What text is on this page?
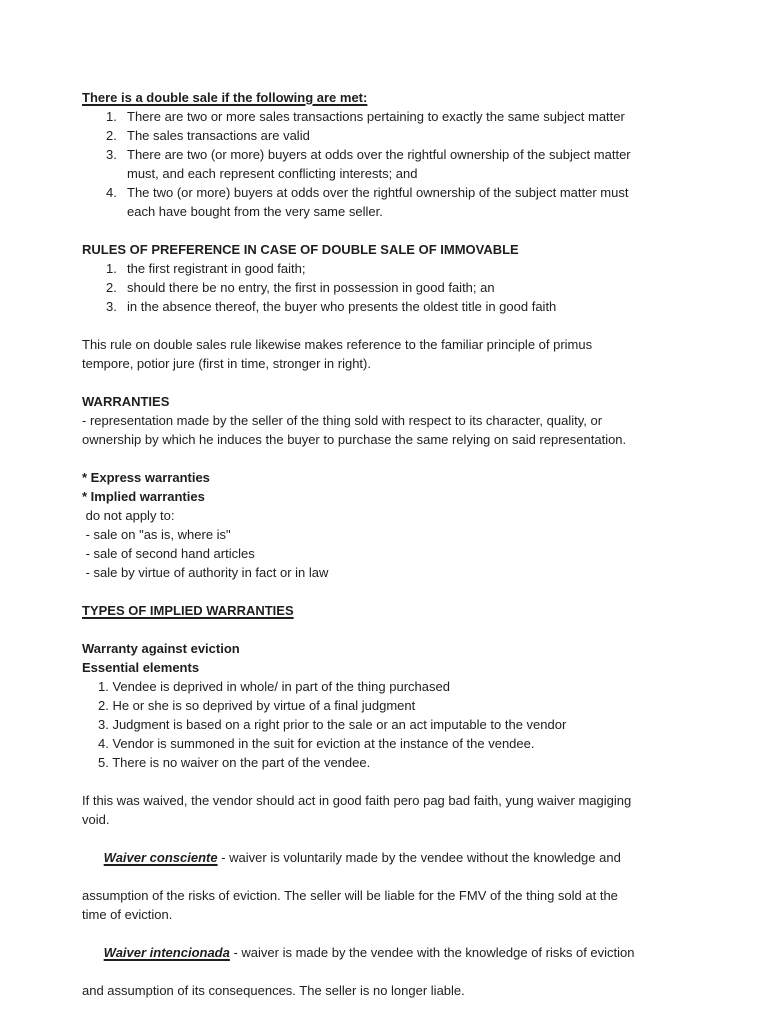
There is a double sale if the following are met:
1. There are two or more sales transactions pertaining to exactly the same subject matter
2. The sales transactions are valid
3. There are two (or more) buyers at odds over the rightful ownership of the subject matter
must, and each represent conflicting interests; and
4. The two (or more) buyers at odds over the rightful ownership of the subject matter must
each have bought from the very same seller.
RULES OF PREFERENCE IN CASE OF DOUBLE SALE OF IMMOVABLE
1. the first registrant in good faith;
2. should there be no entry, the first in possession in good faith; an
3. in the absence thereof, the buyer who presents the oldest title in good faith
This rule on double sales rule likewise makes reference to the familiar principle of primus
tempore, potior jure (first in time, stronger in right).
WARRANTIES
- representation made by the seller of the thing sold with respect to its character, quality, or
ownership by which he induces the buyer to purchase the same relying on said representation.
* Express warranties
* Implied warranties
do not apply to:
- sale on "as is, where is"
- sale of second hand articles
- sale by virtue of authority in fact or in law
TYPES OF IMPLIED WARRANTIES
Warranty against eviction
Essential elements
1. Vendee is deprived in whole/ in part of the thing purchased
2. He or she is so deprived by virtue of a final judgment
3. Judgment is based on a right prior to the sale or an act imputable to the vendor
4. Vendor is summoned in the suit for eviction at the instance of the vendee.
5. There is no waiver on the part of the vendee.
If this was waived, the vendor should act in good faith pero pag bad faith, yung waiver magiging
void.

Waiver consciente - waiver is voluntarily made by the vendee without the knowledge and

assumption of the risks of eviction. The seller will be liable for the FMV of the thing sold at the
time of eviction.

Waiver intencionada - waiver is made by the vendee with the knowledge of risks of eviction

and assumption of its consequences. The seller is no longer liable.
